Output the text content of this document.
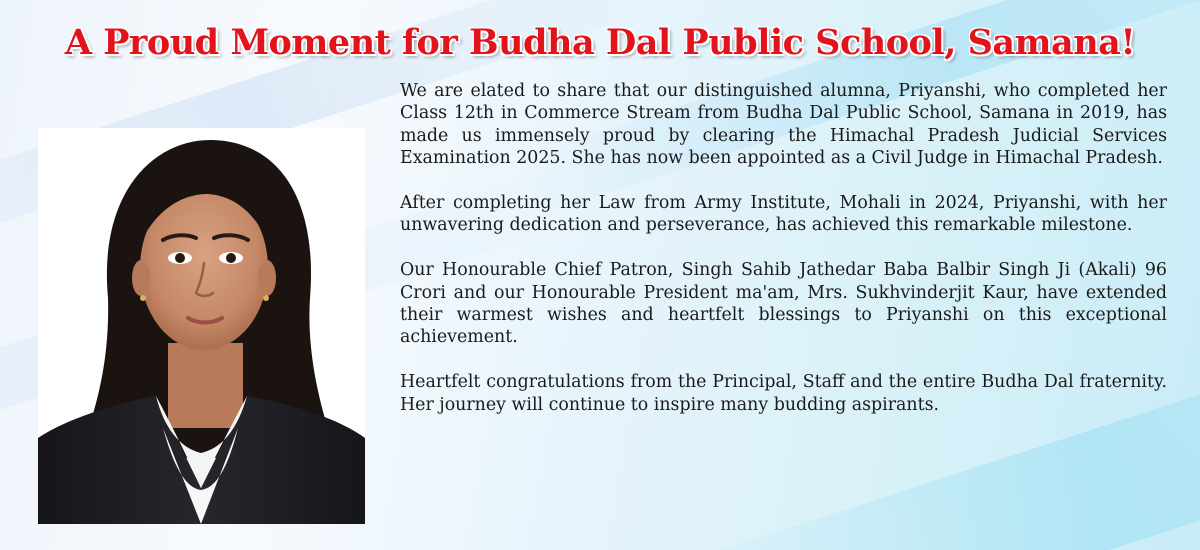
A Proud Moment for Budha Dal Public School, Samana!

We are elated to share that our distinguished alumna, Priyanshi, who completed her Class 12th in Commerce Stream from Budha Dal Public School, Samana in 2019, has made us immensely proud by clearing the Himachal Pradesh Judicial Services Examination 2025. She has now been appointed as a Civil Judge in Himachal Pradesh.

After completing her Law from Army Institute, Mohali in 2024, Priyanshi, with her unwavering dedication and perseverance, has achieved this remarkable milestone.

Our Honourable Chief Patron, Singh Sahib Jathedar Baba Balbir Singh Ji (Akali) 96 Crori and our Honourable President ma'am, Mrs. Sukhvinderjit Kaur, have extended their warmest wishes and heartfelt blessings to Priyanshi on this exceptional achievement.

Heartfelt congratulations from the Principal, Staff and the entire Budha Dal fraternity. Her journey will continue to inspire many budding aspirants.
